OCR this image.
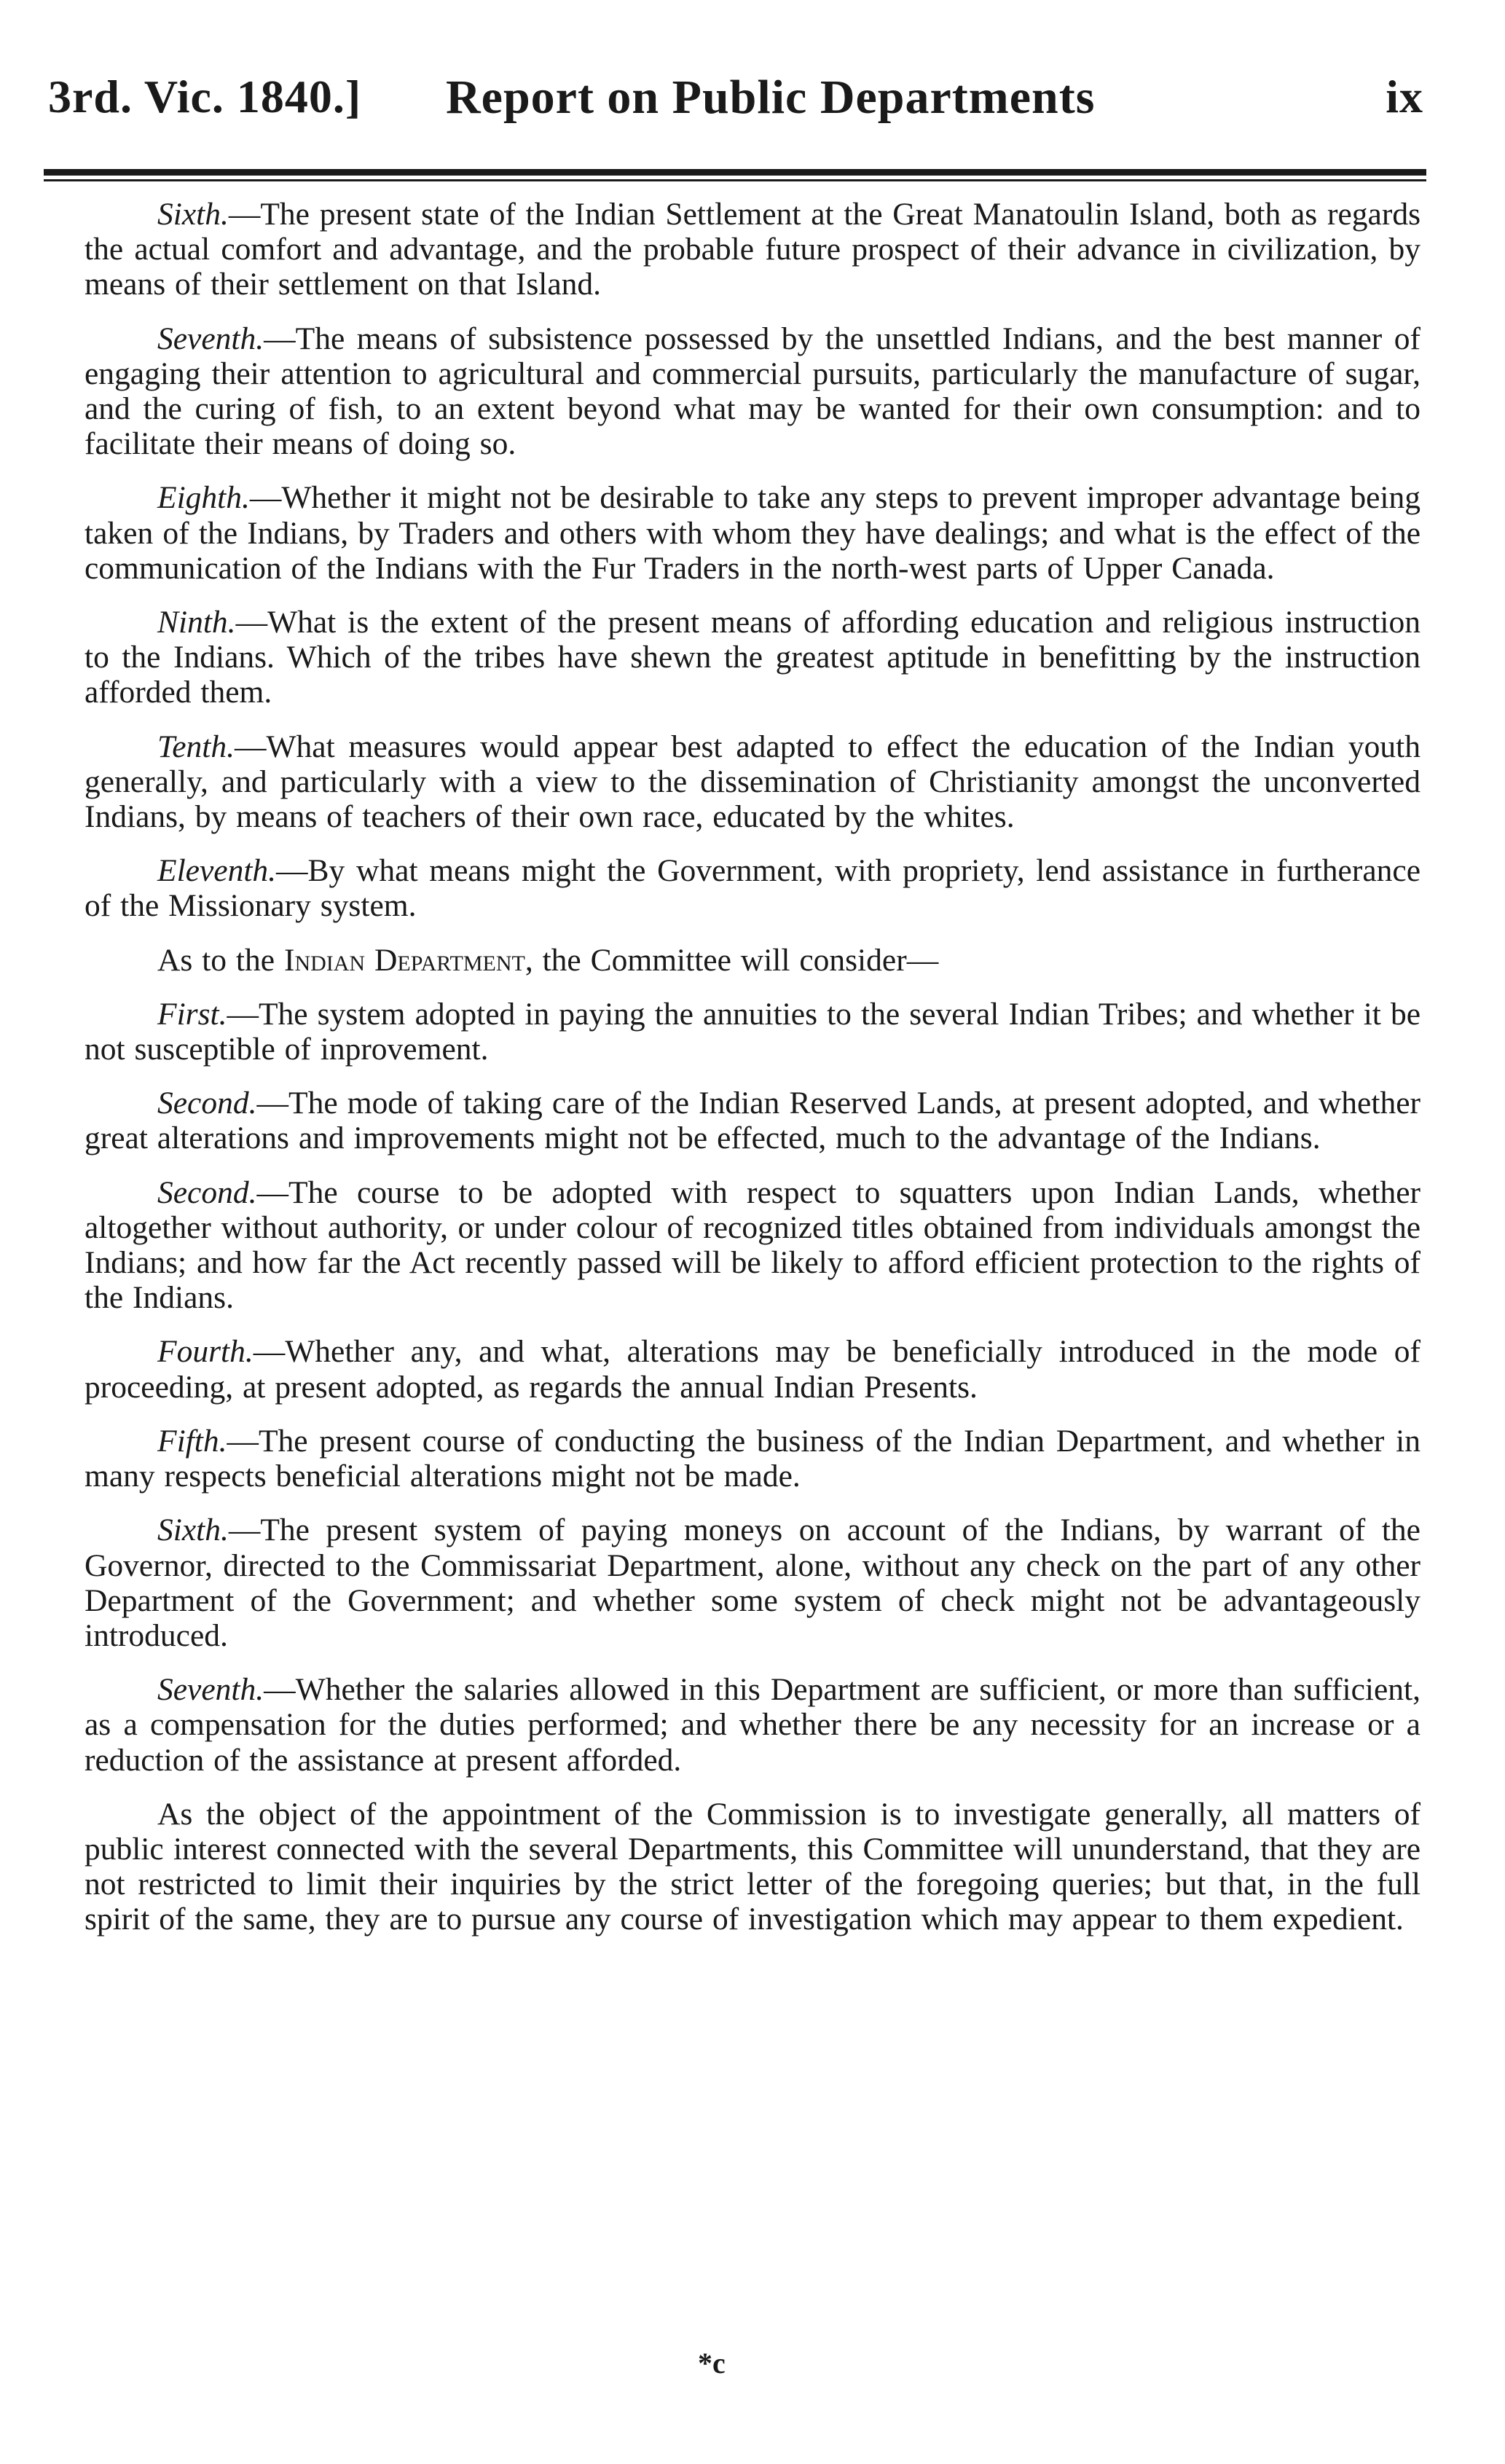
3rd. Vic. 1840.] Report on Public Departments	ix

Sixth.—The present state of the Indian Settlement at the Great Manatoulin Island, both as regards the actual comfort and advantage, and the probable future prospect of their advance in civilization, by means of their settlement on that Island.

Seventh.—The means of subsistence possessed by the unsettled Indians, and the best manner of engaging their attention to agricultural and commercial pursuits, particularly the manufacture of sugar, and the curing of fish, to an extent beyond what may be wanted for their own consumption: and to facilitate their means of doing so.

Eighth.—Whether it might not be desirable to take any steps to prevent improper advantage being taken of the Indians, by Traders and others with whom they have dealings; and what is the effect of the communication of the Indians with the Fur Traders in the north-west parts of Upper Canada.

Ninth.—What is the extent of the present means of affording education and religious instruction to the Indians. Which of the tribes have shewn the greatest aptitude in benefitting by the instruction afforded them.

Tenth.—What measures would appear best adapted to effect the education of the Indian youth generally, and particularly with a view to the dissemination of Christianity amongst the unconverted Indians, by means of teachers of their own race, educated by the whites.

Eleventh.—By what means might the Government, with propriety, lend assistance in furtherance of the Missionary system.

As to the Indian Department, the Committee will consider—

First.—The system adopted in paying the annuities to the several Indian Tribes; and whether it be not susceptible of inprovement.

Second.—The mode of taking care of the Indian Reserved Lands, at present adopted, and whether great alterations and improvements might not be effected, much to the advantage of the Indians.

Second.—The course to be adopted with respect to squatters upon Indian Lands, whether altogether without authority, or under colour of recognized titles obtained from individuals amongst the Indians; and how far the Act recently passed will be likely to afford efficient protection to the rights of the Indians.

Fourth.—Whether any, and what, alterations may be beneficially introduced in the mode of proceeding, at present adopted, as regards the annual Indian Presents.

Fifth.—The present course of conducting the business of the Indian Department, and whether in many respects beneficial alterations might not be made.

Sixth.—The present system of paying moneys on account of the Indians, by warrant of the Governor, directed to the Commissariat Department, alone, without any check on the part of any other Department of the Government; and whether some system of check might not be advantageously introduced.

Seventh.—Whether the salaries allowed in this Department are sufficient, or more than sufficient, as a compensation for the duties performed; and whether there be any necessity for an increase or a reduction of the assistance at present afforded.

As the object of the appointment of the Commission is to investigate generally, all matters of public interest connected with the several Departments, this Committee will ununderstand, that they are not restricted to limit their inquiries by the strict letter of the foregoing queries; but that, in the full spirit of the same, they are to pursue any course of investigation which may appear to them expedient.

*c
